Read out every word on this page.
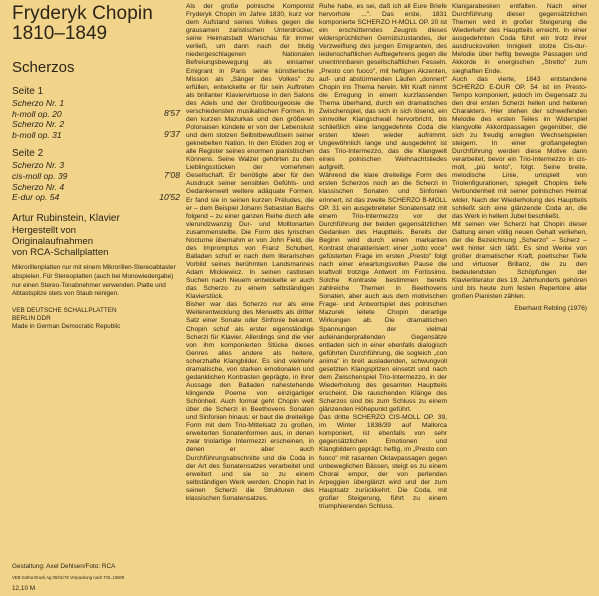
Fryderyk Chopin
1810–1849
Scherzos
Seite 1
Scherzo Nr. 1
h-moll op. 20	8'57
Scherzo Nr. 2
b-moll op. 31	9'37
Seite 2
Scherzo Nr. 3
cis-moll op. 39	7'08
Scherzo Nr. 4
E-dur op. 54	10'52
Artur Rubinstein, Klavier
Hergestellt von
Originalaufnahmen
von RCA-Schallplatten
Mikrorillenplatten nur mit einem Mikrorillen-Stereoabtaster abspielen. Für Stereoplatten (auch bei Monowiedergabe) nur einen Stereo-Tonabnehmer verwenden. Platte und Abtastspitze stets von Staub reinigen.
VEB DEUTSCHE SCHALLPLATTEN
BERLIN DDR
Made in German Democratic Republic
Gestaltung: Axel Dehlsen/Foto: RCA
VEB Gotha-Druck Ag 05/01/76 Verpackung nach TGL 10609
12,10 M

Als der große polnische Komponist Fryderyk Chopin im Jahre 1830, kurz vor dem Aufstand seines Volkes gegen die grausamen zaristischen Unterdrücker, seine Heimatstadt Warschau für immer verließ, um dann nach der blutig niedergeschlagenen Nationalen Befreiungsbewegung als einsamer Emigrant in Paris seine künstlerische Mission als „Sänger des Volkes" zu erfüllen, entwickelte er für sein Auftreten als brillanter Klaviervirtuose in den Salons des Adels und der Großbourgeoisie die verschiedensten musikalischen Formen. In den kurzen Mazurkas und den größeren Polonaisen kündete er von der Lebenslust und dem stolzen Selbstbewußtsein seiner geknebelten Nation. In den Etüden zog er alle Register seines enormen pianistischen Könnens. Seine Walzer gehörten zu den Lieblingsstücken der vornehmen Gesellschaft. Er benötigte aber für den Ausdruck seiner sensiblen Gefühls- und Gedankenwelt weitere adäquate Formen. Er fand sie in seinen kurzen Préludes, die er – dem Beispiel Johann Sebastian Bachs folgend – zu einer ganzen Reihe durch alle vierundzwanzig Dur- und Molltonarten zusammenstellte. Die Form des lyrischen Nocturne übernahm er von John Field, die des Impromptus von Franz Schubert, Balladen schuf er nach dem literarischen Vorbild seines berühmten Landsmannes Adam Mickiewicz. In seinen rastlosen Suchen nach Neuem entwickelte er auch das Scherzo zu einem selbständigen Klavierstück.

Bisher war das Scherzo nur als eine Weiterentwicklung des Menuetts als dritter Satz einer Sonate oder Sinfonie bekannt. Chopin schuf als erster eigenständige Scherzi für Klavier. Allerdings sind die vier von ihm komponierten Stücke dieses Genres alles andere als heitere, scherzhafte Klangbilder. Es sind vielmehr dramatische, von starken emotionalen und gedanklichen Kontrasten geprägte, in ihrer Aussage den Balladen nahestehende klingende Poeme von einzigartiger Schönheit. Auch formal geht Chopin weit über die Scherzi in Beethovens Sonaten und Sinfonien hinaus: er baut die dreiteilige Form mit dem Trio-Mittelsatz zu großen, erweiterten Sonatenformen aus, in denen zwar triolartige Intermezzi erscheinen, in denen er aber auch Durchführungsabschnitte und die Coda in der Art des Sonatensatzes verarbeitet und erweitert und sie so zu einem selbständigen Werk werden. Chopin hat in seinen Scherzi die Strukturen des klassischen Sonatensatzes.

Ruhe habe, es sei, daß ich all Eure Briefe hervorhole ...". Das erste, 1831 komponierte SCHERZO H-MOLL OP. 20 ist ein erschütterndes Zeugnis dieses widersprüchlichen Gemütszustandes, der Verzweiflung des jungen Emigranten, des leidenschaftlichen Aufbegehrens gegen die unentrinnbaren gesellschaftlichen Fesseln. „Presto con fuoco", mit heftigen Akzenten, auf- und abstürmenden Läufen „donnert" Chopin ins Thema herein. Mit Kraft nimmt die Erregung in einem kurzfassenden Thema überhand, durch ein dramatisches Zwischenspiel, das sich in sich lösend, ein sinnvoller Klangschwall hervorbricht, bis schließlich eine langgedehnte Coda die ersten Ideen wieder aufnimmt. Ungewöhnlich lange und ausgedehnt ist das Trio-Intermezzo, das die Klangwelt eines polnischen Weihnachtsliedes aufgreift.

Während die klare dreiteilige Form des ersten Scherzos noch an die Scherzi in klassischen Sonaten und Sinfonien erinnert, ist das zweite SCHERZO B-MOLL OP. 31 ein ausgebreiteter Sonatensatz mit einem Trio-Intermezzo vor der Durchführung der beiden gegensätzlichen Gedanken des Hauptteils. Bereits der Beginn wird durch einen markanten Kontrast charakterisiert: einer „sotto voce" gefüsterten Frage im ersten „Presto" folgt nach einer erwartungsvollen Pause die kraftvoll trotzige Antwort im Fortissimo. Solche Kontraste bestimmen bereits zahlreiche Themen in Beethovens Sonaten, aber auch aus dem motivischen Frage- und Antwortspiel des polnischen Mazurek leitete Chopin derartige Wirkungen ab. Die dramatischen Spannungen der vielmal aufeinanderprallenden Gegensätze entladen sich in einer ebenfalls dialogisch geführten Durchführung, die sogleich „con anima" in breit ausladenden, schwungvoll gesetzten Klangspitzen einsetzt und nach dem Zwischenspiel Trio-Intermezzo, in der Wiederholung des gesamten Hauptteils erscheint. Die rauschenden Klänge des Scherzos sind bis zum Schluss zu einem glänzenden Höhepunkt geführt.

Das dritte SCHERZO CIS-MOLL OP. 39, im Winter 1838/39 auf Mallorca komponiert, ist ebenfalls von sehr gegensätzlichen Emotionen und Klangbildern geprägt: heftig, im „Presto con fuoco" mit rasanten Oktavpassagen gegen unbeweglichen Bässen, steigt es zu einem Choral empor, der von perlenden Arpeggien überglänzt wird und der zum Hauptsatz zurückkehrt. Die Coda, mit großer Steigerung, führt zu einem triumphierenden Schluss.

Klangarabesken entfalten. Nach einer Durchführung dieser gegensätzlichen Themen wird in großer Steigerung die Wiederkehr des Hauptteils erreicht. In einer ausgedehnten Coda führt ein trotz ihrer ausdrucksvollen Innigkeit stolze Cis-dur-Melodie über heftig bewegte Passagen und Akkorde in energischen „Stretto" zum sieghaften Ende.

Auch das vierte, 1843 entstandene SCHERZO E-DUR OP. 54 ist im Presto-Tempo komponiert, jedoch im Gegensatz zu den drei ersten Scherzi hellen und heiteren Charakters. Hier stehen der schweifenden Melodie des ersten Teiles im Widerspiel klangvolle Akkordpassagen gegenüber, die sich zu freudig erregten Wechselspielen steigern. In einer großangelegten Durchführung werden diese Motive dann verarbeitet, bevor ein Trio-Intermezzo in cis-moll, „più lento", folgt. Seine breite, melodische Linie, umspielt von Triolenfigurationen, spiegelt Chopins tiefe Verbundenheit mit seiner polnischen Heimat wider. Nach der Wiederholung des Hauptteils schließt sich eine glänzende Coda an, die das Werk in hellem Jubel beschließt.

Mit seinen vier Scherzi hat Chopin dieser Gattung einen völlig neuen Gehalt verliehen, der die Bezeichnung „Scherzo" – Scherz – weit hinter sich läßt. Es sind Werke von großer dramatischer Kraft, poetischer Tiefe und virtuoser Brillanz, die zu den bedeutendsten Schöpfungen der Klavierliteratur des 19. Jahrhunderts gehören und bis heute zum festen Repertoire aller großen Pianisten zählen.

Eberhard Rebling (1976)
